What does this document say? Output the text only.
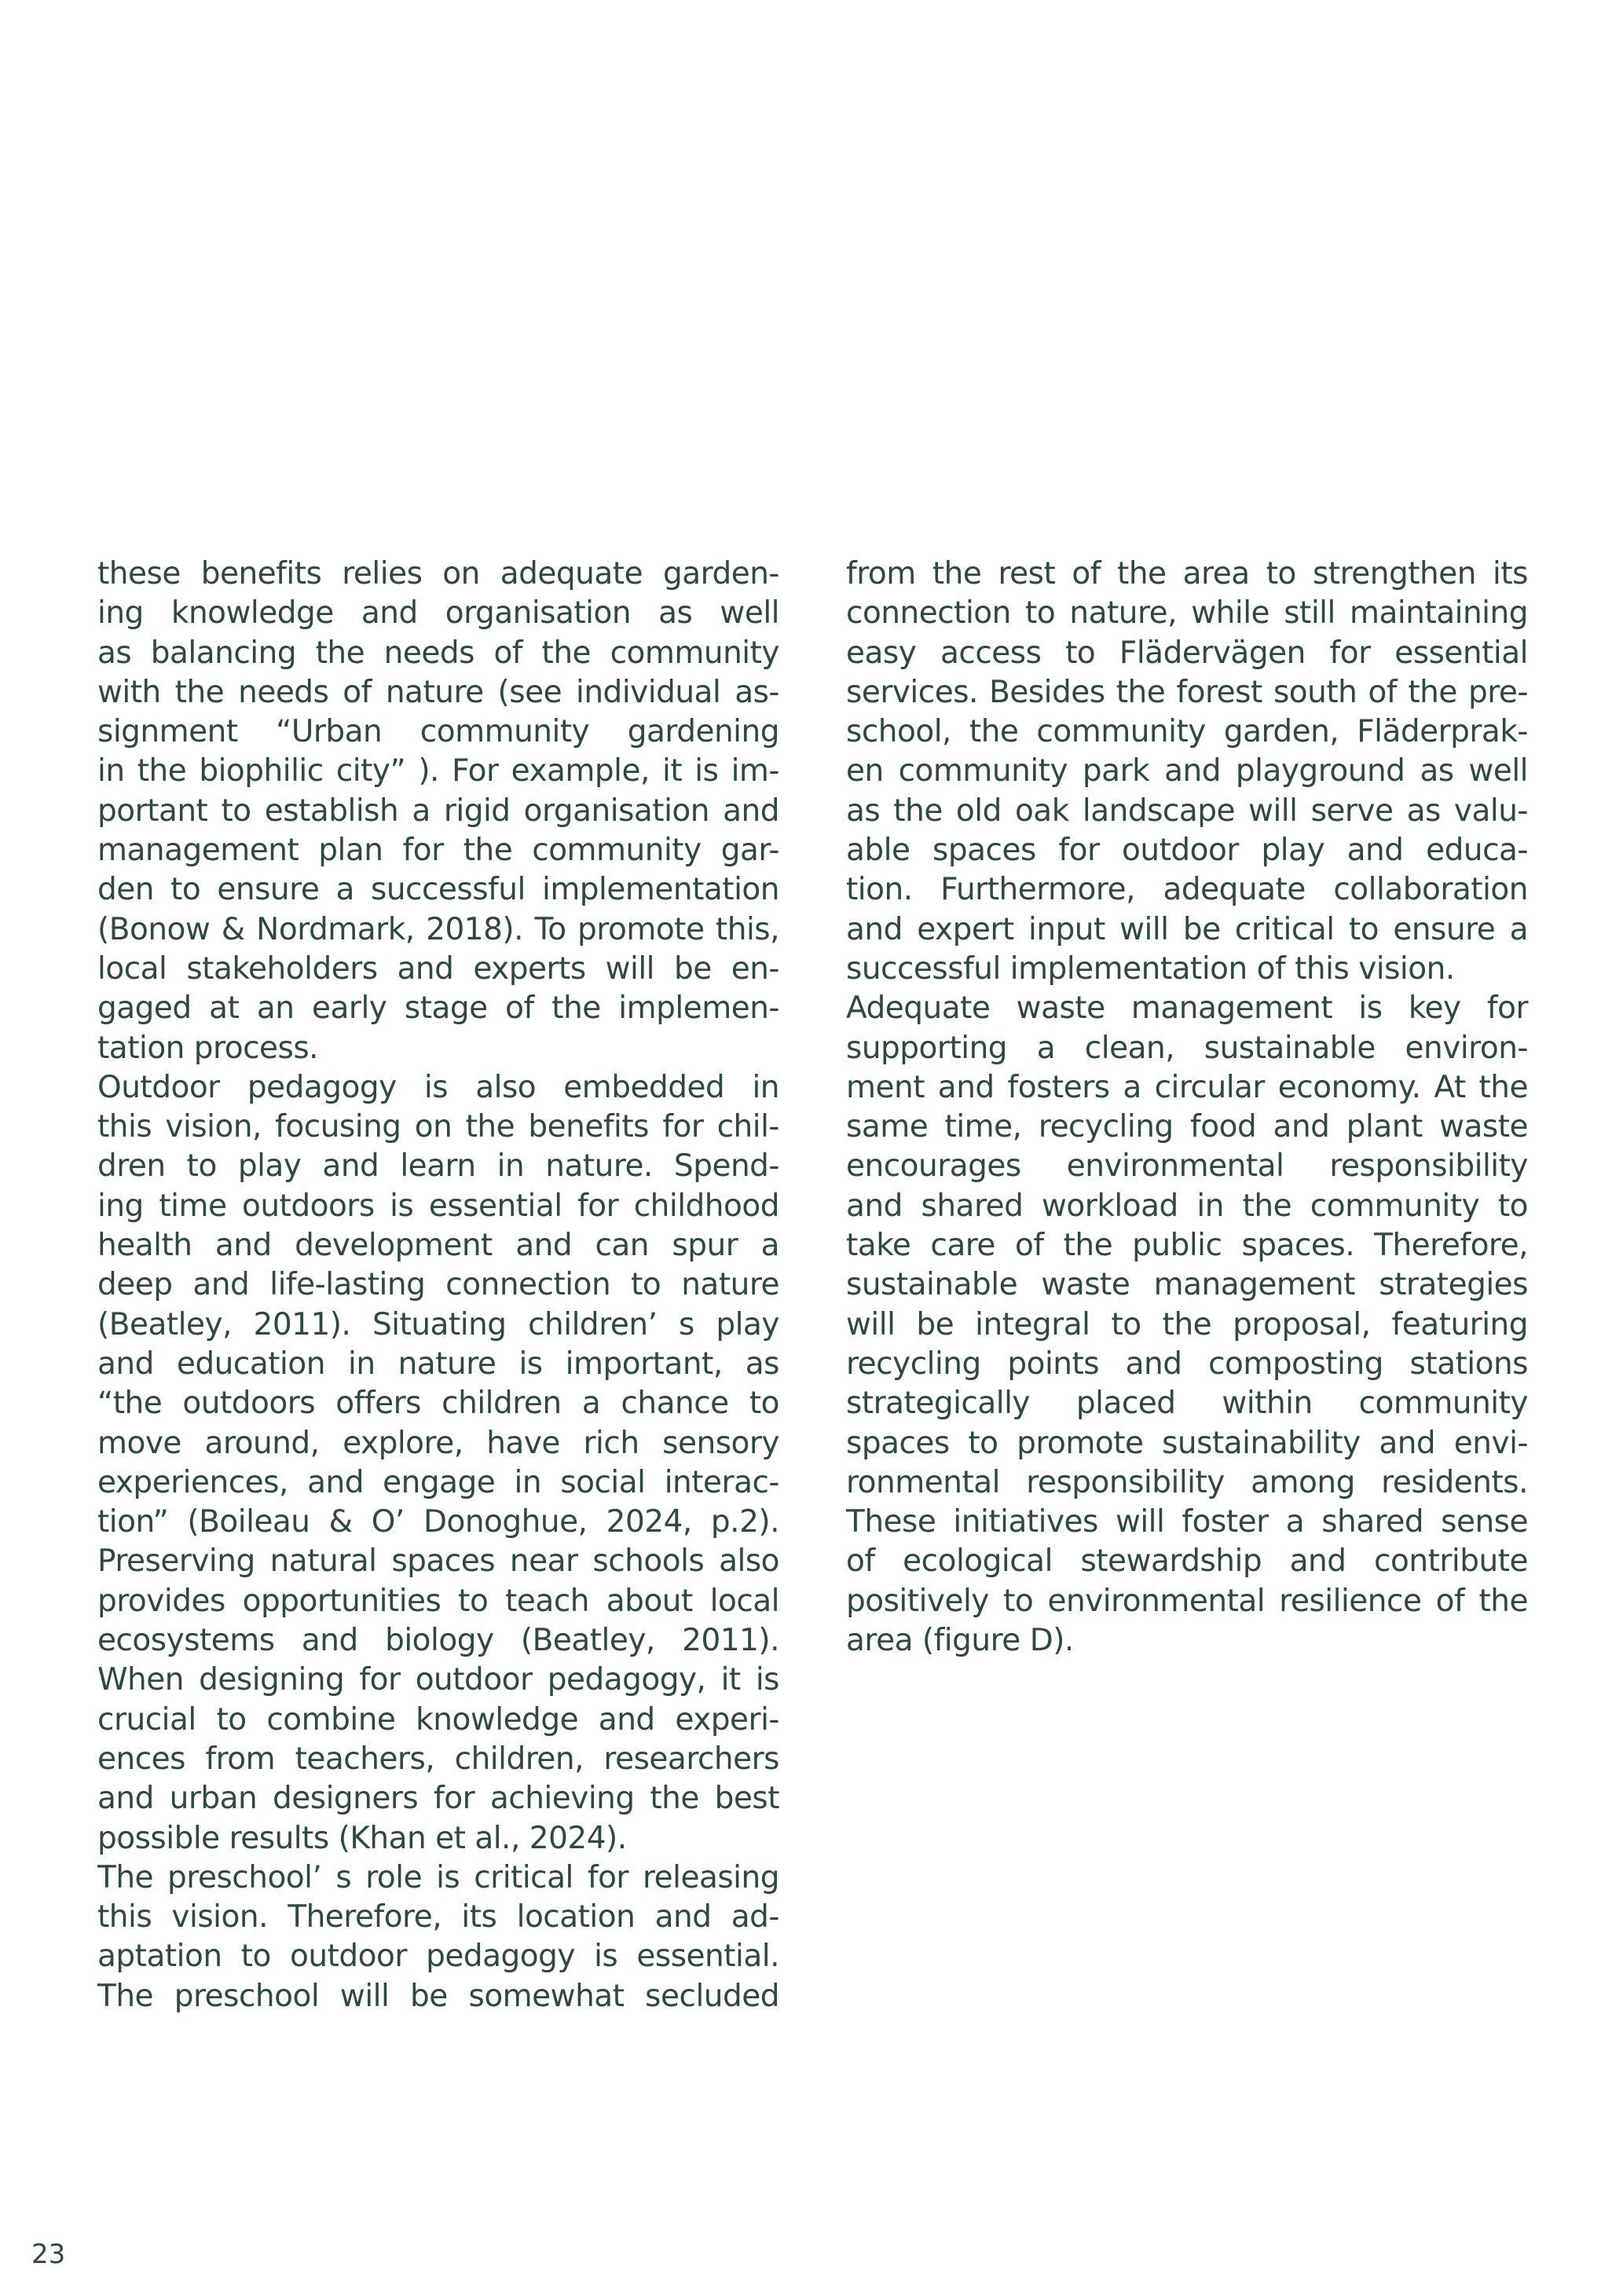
these benefits relies on adequate garden-
ing knowledge and organisation as well
as balancing the needs of the community
with the needs of nature (see individual as-
signment “Urban community gardening
in the biophilic city” ). For example, it is im-
portant to establish a rigid organisation and
management plan for the community gar-
den to ensure a successful implementation
(Bonow & Nordmark, 2018). To promote this,
local stakeholders and experts will be en-
gaged at an early stage of the implemen-
tation process.
Outdoor pedagogy is also embedded in
this vision, focusing on the benefits for chil-
dren to play and learn in nature. Spend-
ing time outdoors is essential for childhood
health and development and can spur a
deep and life-lasting connection to nature
(Beatley, 2011). Situating children’ s play
and education in nature is important, as
“the outdoors offers children a chance to
move around, explore, have rich sensory
experiences, and engage in social interac-
tion” (Boileau & O’ Donoghue, 2024, p.2).
Preserving natural spaces near schools also
provides opportunities to teach about local
ecosystems and biology (Beatley, 2011).
When designing for outdoor pedagogy, it is
crucial to combine knowledge and experi-
ences from teachers, children, researchers
and urban designers for achieving the best
possible results (Khan et al., 2024).
The preschool’ s role is critical for releasing
this vision. Therefore, its location and ad-
aptation to outdoor pedagogy is essential.
The preschool will be somewhat secluded
from the rest of the area to strengthen its
connection to nature, while still maintaining
easy access to Flädervägen for essential
services. Besides the forest south of the pre-
school, the community garden, Fläderprak-
en community park and playground as well
as the old oak landscape will serve as valu-
able spaces for outdoor play and educa-
tion. Furthermore, adequate collaboration
and expert input will be critical to ensure a
successful implementation of this vision.
Adequate waste management is key for
supporting a clean, sustainable environ-
ment and fosters a circular economy. At the
same time, recycling food and plant waste
encourages environmental responsibility
and shared workload in the community to
take care of the public spaces. Therefore,
sustainable waste management strategies
will be integral to the proposal, featuring
recycling points and composting stations
strategically placed within community
spaces to promote sustainability and envi-
ronmental responsibility among residents.
These initiatives will foster a shared sense
of ecological stewardship and contribute
positively to environmental resilience of the
area (figure D).
23
